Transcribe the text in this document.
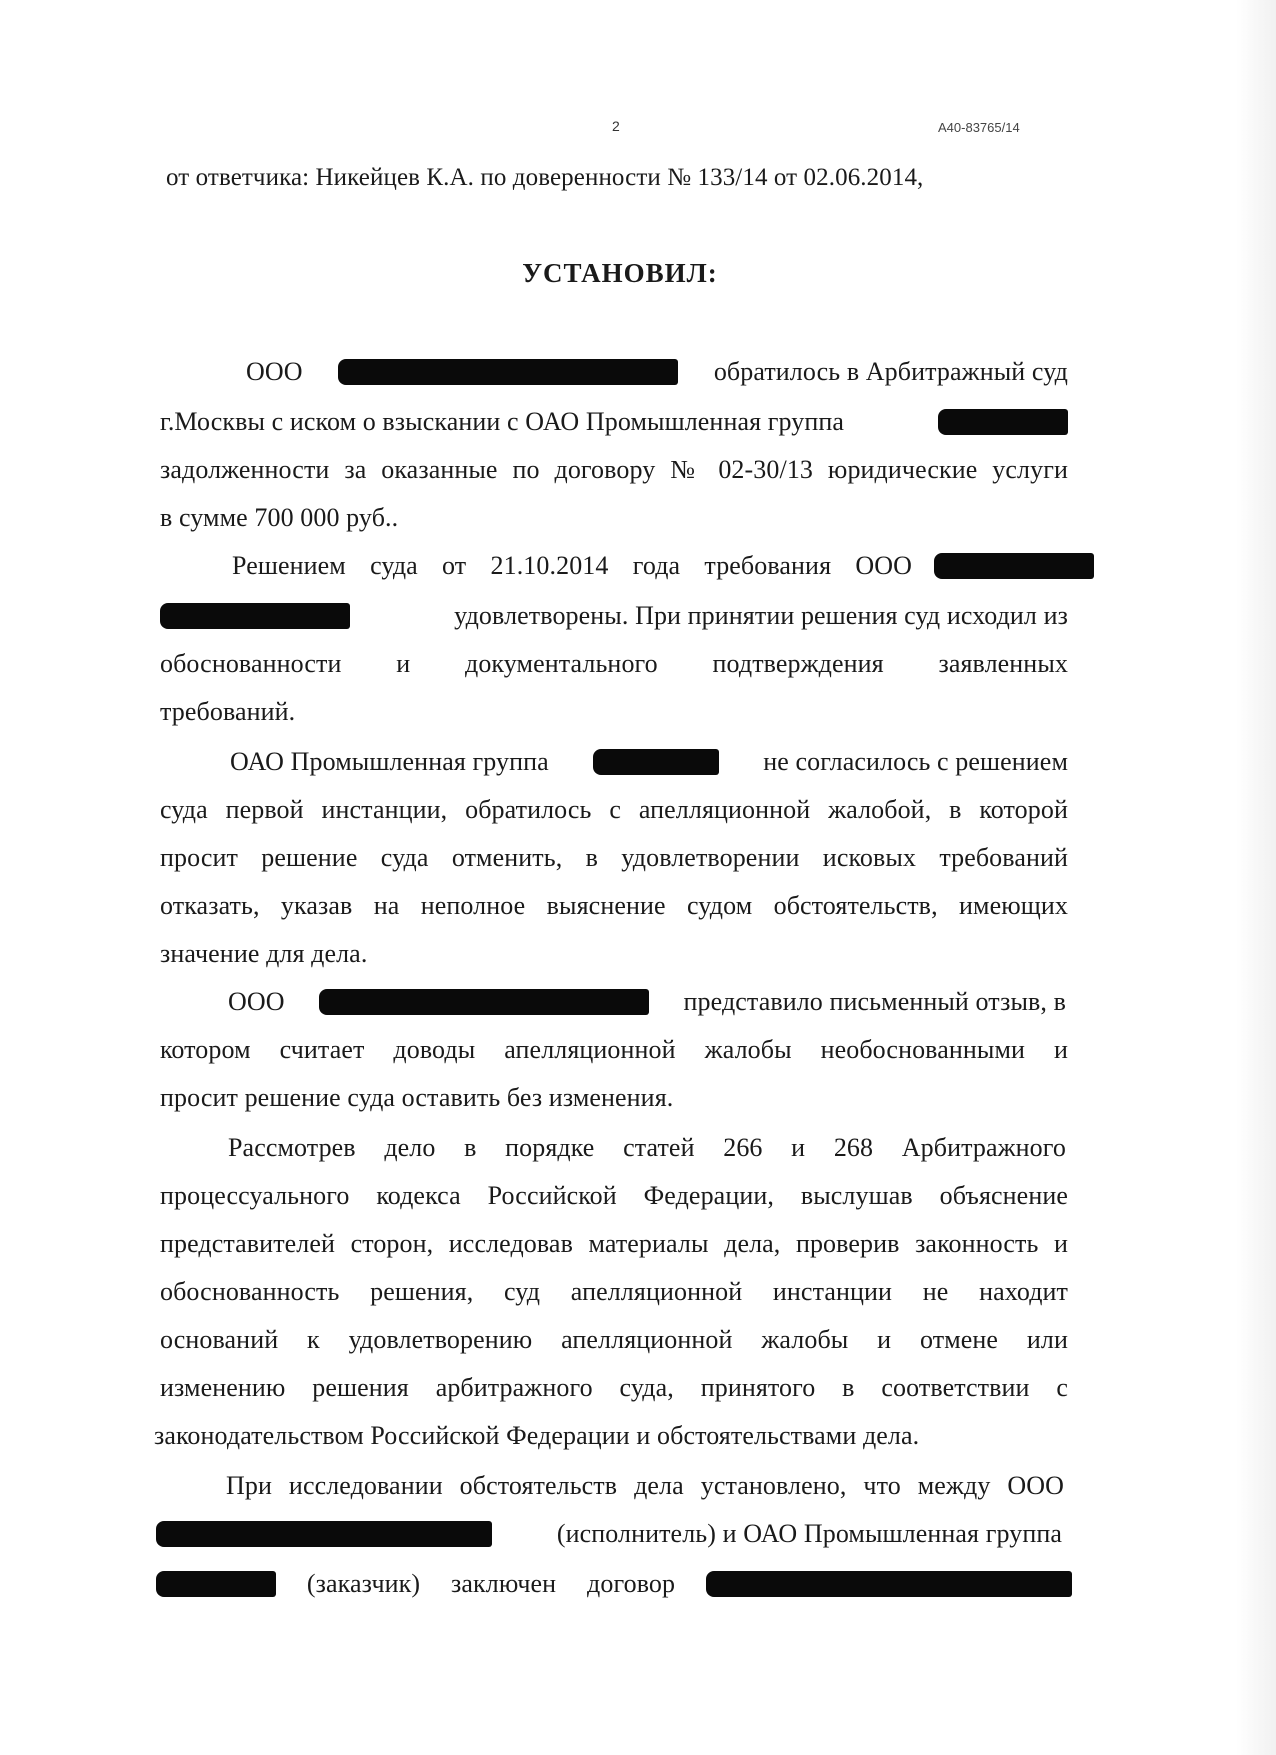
2	А40-83765/14
от ответчика: Никейцев К.А. по доверенности № 133/14 от 02.06.2014,
УСТАНОВИЛ:
ООО	обратилось в Арбитражный суд
г.Москвы с иском о взыскании с ОАО Промышленная группа
задолженности за оказанные по договору № 02-30/13 юридические услуги
в сумме 700 000 руб..
Решением суда от 21.10.2014 года требования ООО
удовлетворены. При принятии решения суд исходил из
обоснованности и документального подтверждения заявленных
требований.
ОАО Промышленная группа	не согласилось с решением
суда первой инстанции, обратилось с апелляционной жалобой, в которой
просит решение суда отменить, в удовлетворении исковых требований
отказать, указав на неполное выяснение судом обстоятельств, имеющих
значение для дела.
ООО	представило письменный отзыв, в
котором считает доводы апелляционной жалобы необоснованными и
просит решение суда оставить без изменения.
Рассмотрев дело в порядке статей 266 и 268 Арбитражного
процессуального кодекса Российской Федерации, выслушав объяснение
представителей сторон, исследовав материалы дела, проверив законность и
обоснованность решения, суд апелляционной инстанции не находит
оснований к удовлетворению апелляционной жалобы и отмене или
изменению решения арбитражного суда, принятого в соответствии с
законодательством Российской Федерации и обстоятельствами дела.
При исследовании обстоятельств дела установлено, что между ООО
(исполнитель) и ОАО Промышленная группа
(заказчик) заключен договор
